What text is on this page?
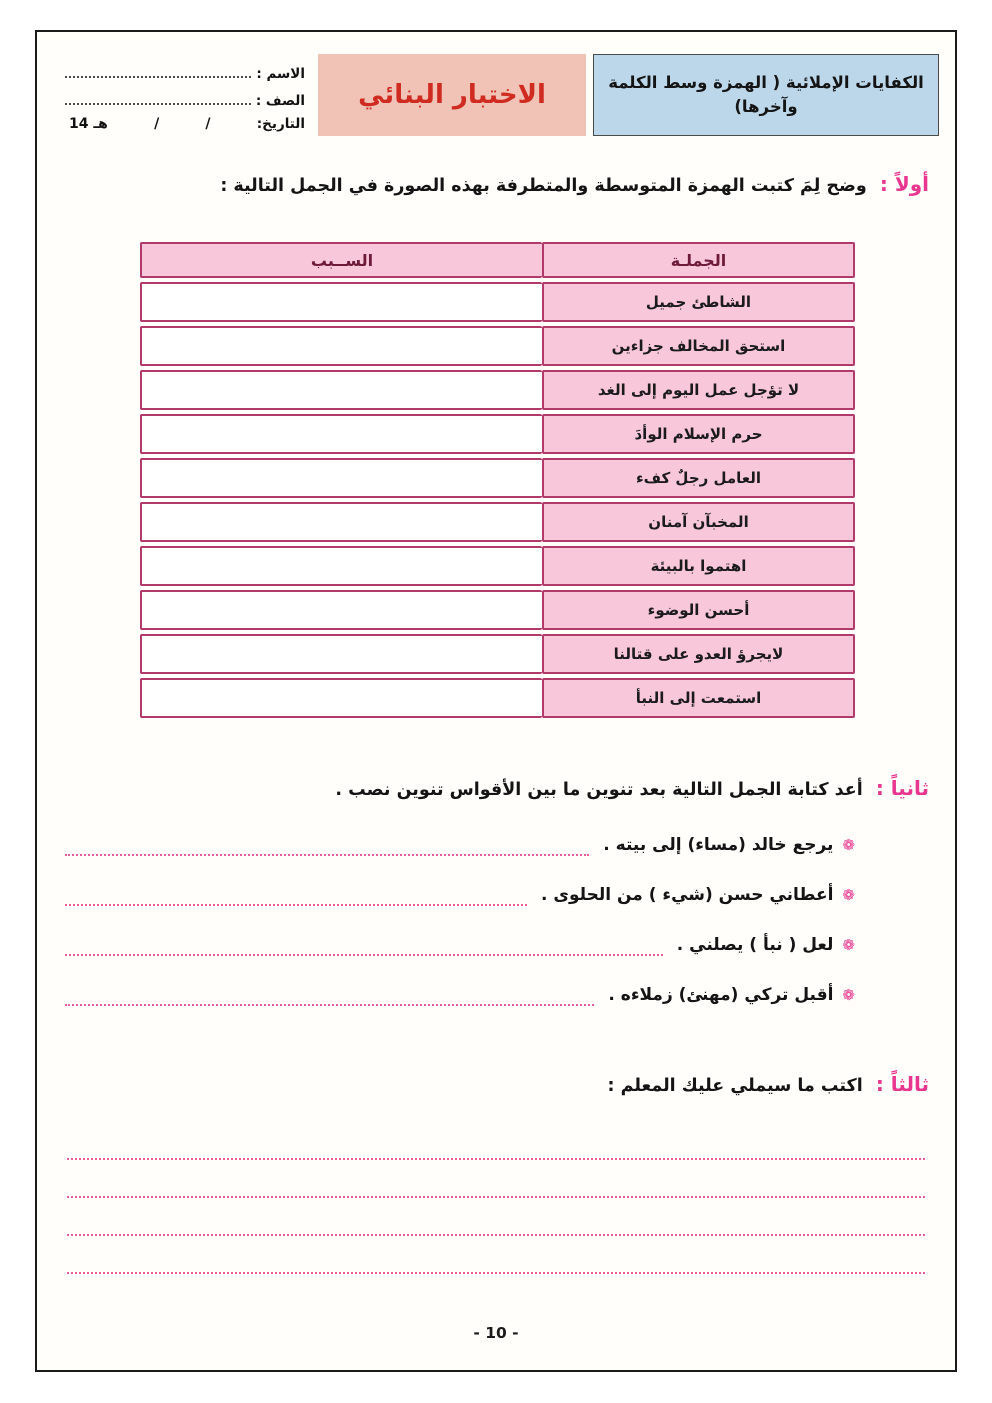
الكفايات الإملائية ( الهمزة وسط الكلمة وآخرها)
الاختبار البنائي
الاسم :
الصف :
التاريخ:
/
/
14 هـ
أولاً : وضح لِمَ كتبت الهمزة المتوسطة والمتطرفة بهذه الصورة في الجمل التالية :
الجملـة
الســبب
الشاطئ جميل
استحق المخالف جزاءين
لا تؤجل عمل اليوم إلى الغد
حرم الإسلام الوأدَ
العامل رجلٌ كفء
المخبآن آمنان
اهتموا بالبيئة
أحسن الوضوء
لايجرؤ العدو على قتالنا
استمعت إلى النبأ
ثانياً : أعد كتابة الجمل التالية بعد تنوين ما بين الأقواس تنوين نصب .
❁
يرجع خالد (مساء) إلى بيته .
❁
أعطاني حسن (شيء ) من الحلوى .
❁
لعل ( نبأ ) يصلني .
❁
أقبل تركي (مهنئ) زملاءه .
ثالثاً : اكتب ما سيملي عليك المعلم :
- 10 -
